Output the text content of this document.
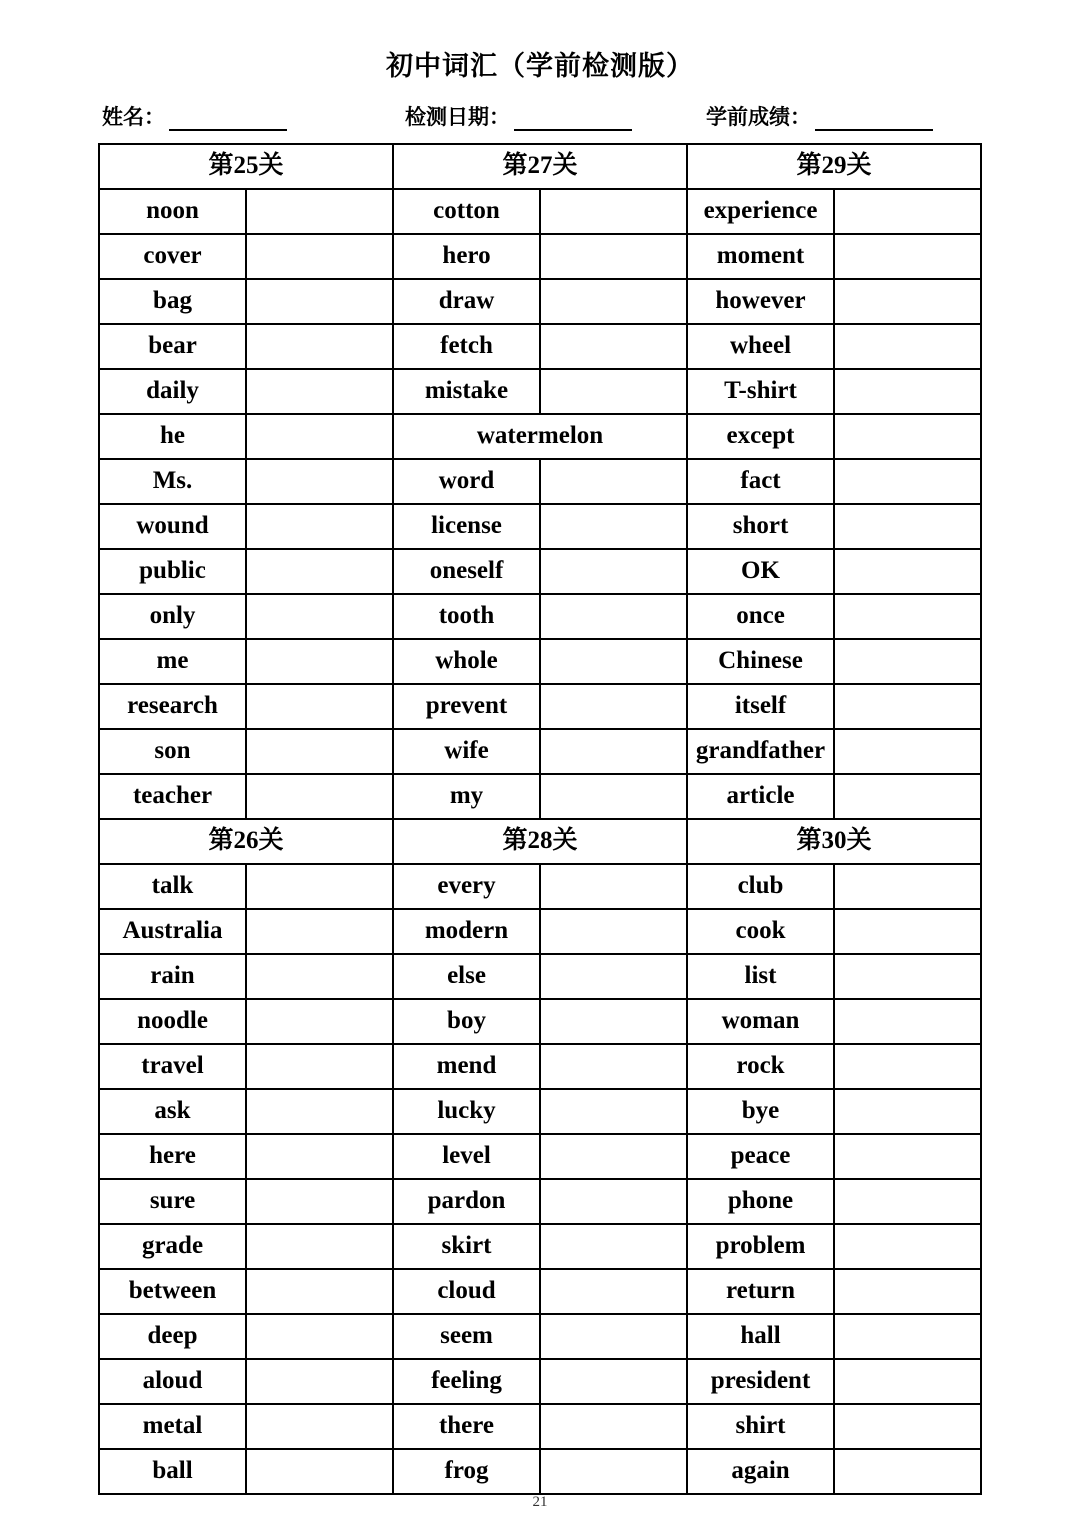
初中词汇（学前检测版）
姓名：	检测日期：	学前成绩：
第25关		第27关		第29关	
noon		cotton		experience	
cover		hero		moment	
bag		draw		however	
bear		fetch		wheel	
daily		mistake		T-shirt	
he		watermelon		except	
Ms.		word		fact	
wound		license		short	
public		oneself		OK	
only		tooth		once	
me		whole		Chinese	
research		prevent		itself	
son		wife		grandfather	
teacher		my		article	
第26关		第28关		第30关	
talk		every		club	
Australia		modern		cook	
rain		else		list	
noodle		boy		woman	
travel		mend		rock	
ask		lucky		bye	
here		level		peace	
sure		pardon		phone	
grade		skirt		problem	
between		cloud		return	
deep		seem		hall	
aloud		feeling		president	
metal		there		shirt	
ball		frog		again	
21
